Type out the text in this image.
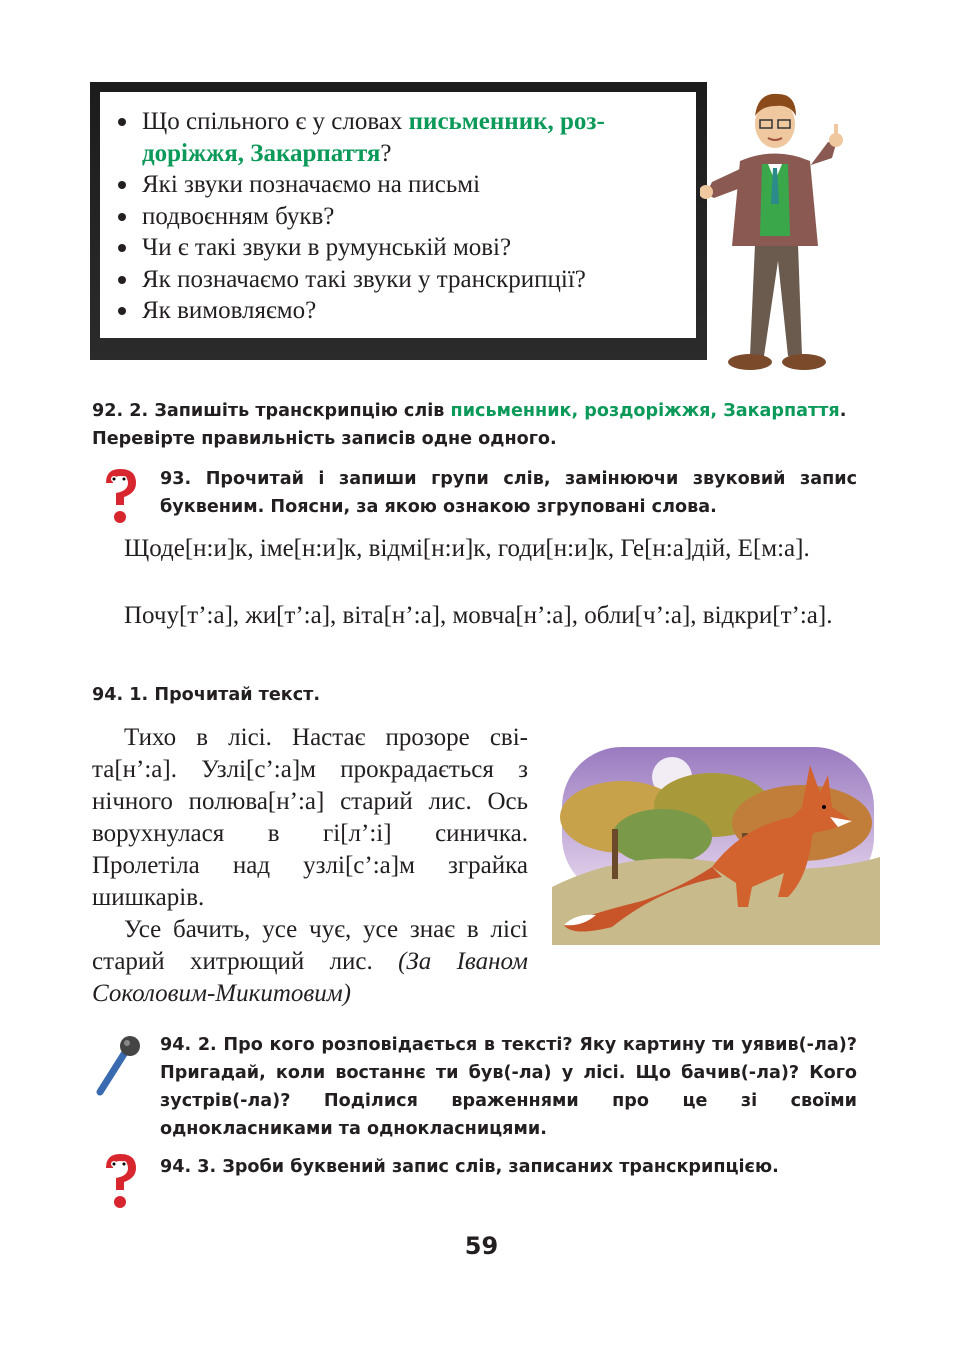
Що спільного є у словах письменник, роз-доріжжя, Закарпаття?
Які звуки позначаємо на письмі
подвоєнням букв?
Чи є такі звуки в румунській мові?
Як позначаємо такі звуки у транскрипції?
Як вимовляємо?

92. 2. Запишіть транскрипцію слів письменник, роздоріжжя, Закарпаття.
Перевірте правильність записів одне одного.

93. Прочитай і запиши групи слів, замінюючи звуковий запис буквеним. Поясни, за якою ознакою згруповані слова.

Щоде[н:и]к, іме[н:и]к, відмі[н:и]к, годи[н:и]к, Ге[н:а]дій, Е[м:а].

Почу[т’:а], жи[т’:а], віта[н’:а], мовча[н’:а], обли[ч’:а], відкри[т’:а].

94. 1. Прочитай текст.

Тихо в лісі. Настає прозоре сві-та[н’:а]. Узлі[с’:а]м прокрадається з нічного полюва[н’:а] старий лис. Ось ворухнулася в гі[л’:і] синичка. Пролетіла над узлі[с’:а]м зграйка шишкарів.
Усе бачить, усе чує, усе знає в лісі старий хитрющий лис. (За Іваном Соколовим-Микитовим)

94. 2. Про кого розповідається в тексті? Яку картину ти уявив(-ла)? Пригадай, коли востаннє ти був(-ла) у лісі. Що бачив(-ла)? Кого зустрів(-ла)? Поділися враженнями про це зі своїми однокласниками та однокласницями.

94. 3. Зроби буквений запис слів, записаних транскрипцією.

59
